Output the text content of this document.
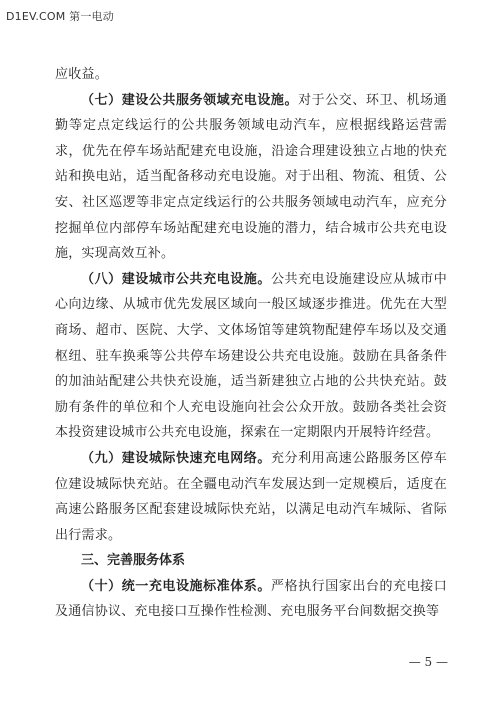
D1EV.COM 第一电动

应收益。

（七）建设公共服务领域充电设施。对于公交、环卫、机场通勤等定点定线运行的公共服务领域电动汽车，应根据线路运营需求，优先在停车场站配建充电设施，沿途合理建设独立占地的快充站和换电站，适当配备移动充电设施。对于出租、物流、租赁、公安、社区巡逻等非定点定线运行的公共服务领域电动汽车，应充分挖掘单位内部停车场站配建充电设施的潜力，结合城市公共充电设施，实现高效互补。

（八）建设城市公共充电设施。公共充电设施建设应从城市中心向边缘、从城市优先发展区域向一般区域逐步推进。优先在大型商场、超市、医院、大学、文体场馆等建筑物配建停车场以及交通枢纽、驻车换乘等公共停车场建设公共充电设施。鼓励在具备条件的加油站配建公共快充设施，适当新建独立占地的公共快充站。鼓励有条件的单位和个人充电设施向社会公众开放。鼓励各类社会资本投资建设城市公共充电设施，探索在一定期限内开展特许经营。

（九）建设城际快速充电网络。充分利用高速公路服务区停车位建设城际快充站。在全疆电动汽车发展达到一定规模后，适度在高速公路服务区配套建设城际快充站，以满足电动汽车城际、省际出行需求。

三、完善服务体系

（十）统一充电设施标准体系。严格执行国家出台的充电接口及通信协议、充电接口互操作性检测、充电服务平台间数据交换等

— 5 —
